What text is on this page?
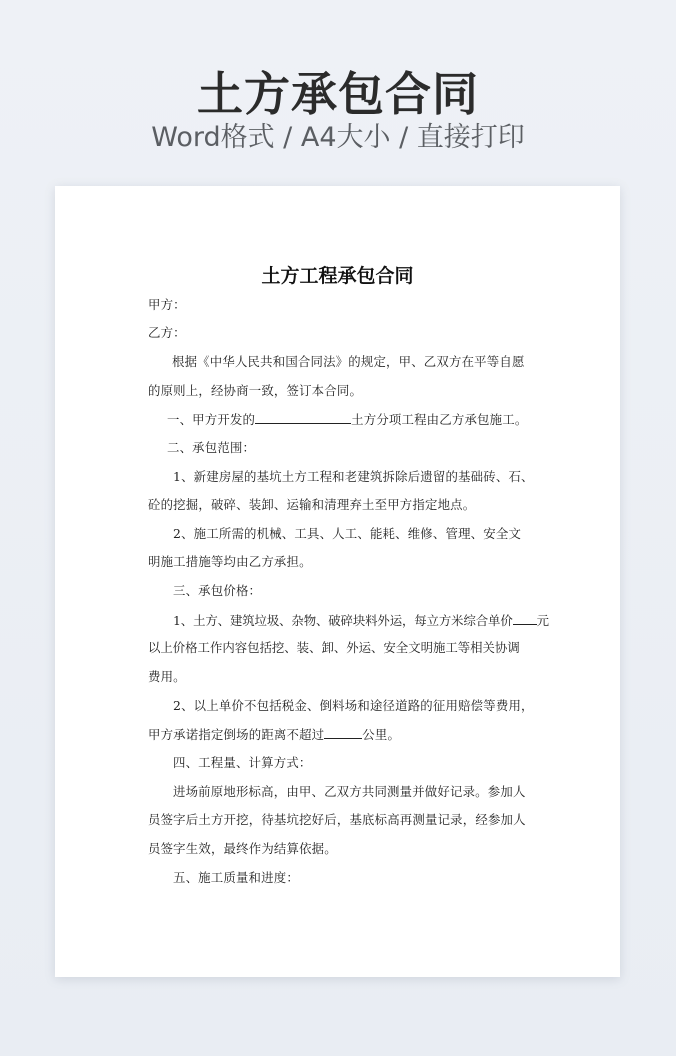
土方承包合同
Word格式 / A4大小 / 直接打印
土方工程承包合同
甲方：
乙方：
根据《中华人民共和国合同法》的规定，甲、乙双方在平等自愿
的原则上，经协商一致，签订本合同。
一、甲方开发的	土方分项工程由乙方承包施工。
二、承包范围：
1、新建房屋的基坑土方工程和老建筑拆除后遗留的基础砖、石、
砼的挖掘，破碎、装卸、运输和清理弃土至甲方指定地点。
2、施工所需的机械、工具、人工、能耗、维修、管理、安全文
明施工措施等均由乙方承担。
三、承包价格：
1、土方、建筑垃圾、杂物、破碎块料外运，每立方米综合单价 元
以上价格工作内容包括挖、装、卸、外运、安全文明施工等相关协调
费用。
2、以上单价不包括税金、倒料场和途径道路的征用赔偿等费用，
甲方承诺指定倒场的距离不超过	公里。
四、工程量、计算方式：
进场前原地形标高，由甲、乙双方共同测量并做好记录。参加人
员签字后土方开挖，待基坑挖好后，基底标高再测量记录，经参加人
员签字生效，最终作为结算依据。
五、施工质量和进度：
